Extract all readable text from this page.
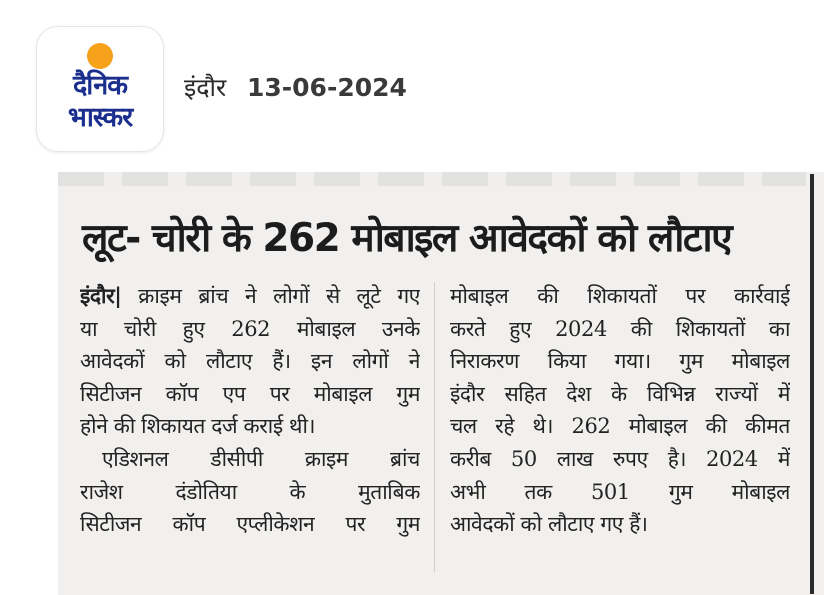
दैनिक
भास्कर
इंदौर 13-06-2024
लूट- चोरी के 262 मोबाइल आवेदकों को लौटाए

इंदौर| क्राइम ब्रांच ने लोगों से लूटे गए
या चोरी हुए 262 मोबाइल उनके
आवेदकों को लौटाए हैं। इन लोगों ने
सिटीजन कॉप एप पर मोबाइल गुम
होने की शिकायत दर्ज कराई थी।
एडिशनल डीसीपी क्राइम ब्रांच
राजेश दंडोतिया के मुताबिक
सिटीजन कॉप एप्लीकेशन पर गुम

मोबाइल की शिकायतों पर कार्रवाई
करते हुए 2024 की शिकायतों का
निराकरण किया गया। गुम मोबाइल
इंदौर सहित देश के विभिन्न राज्यों में
चल रहे थे। 262 मोबाइल की कीमत
करीब 50 लाख रुपए है। 2024 में
अभी तक 501 गुम मोबाइल
आवेदकों को लौटाए गए हैं।
